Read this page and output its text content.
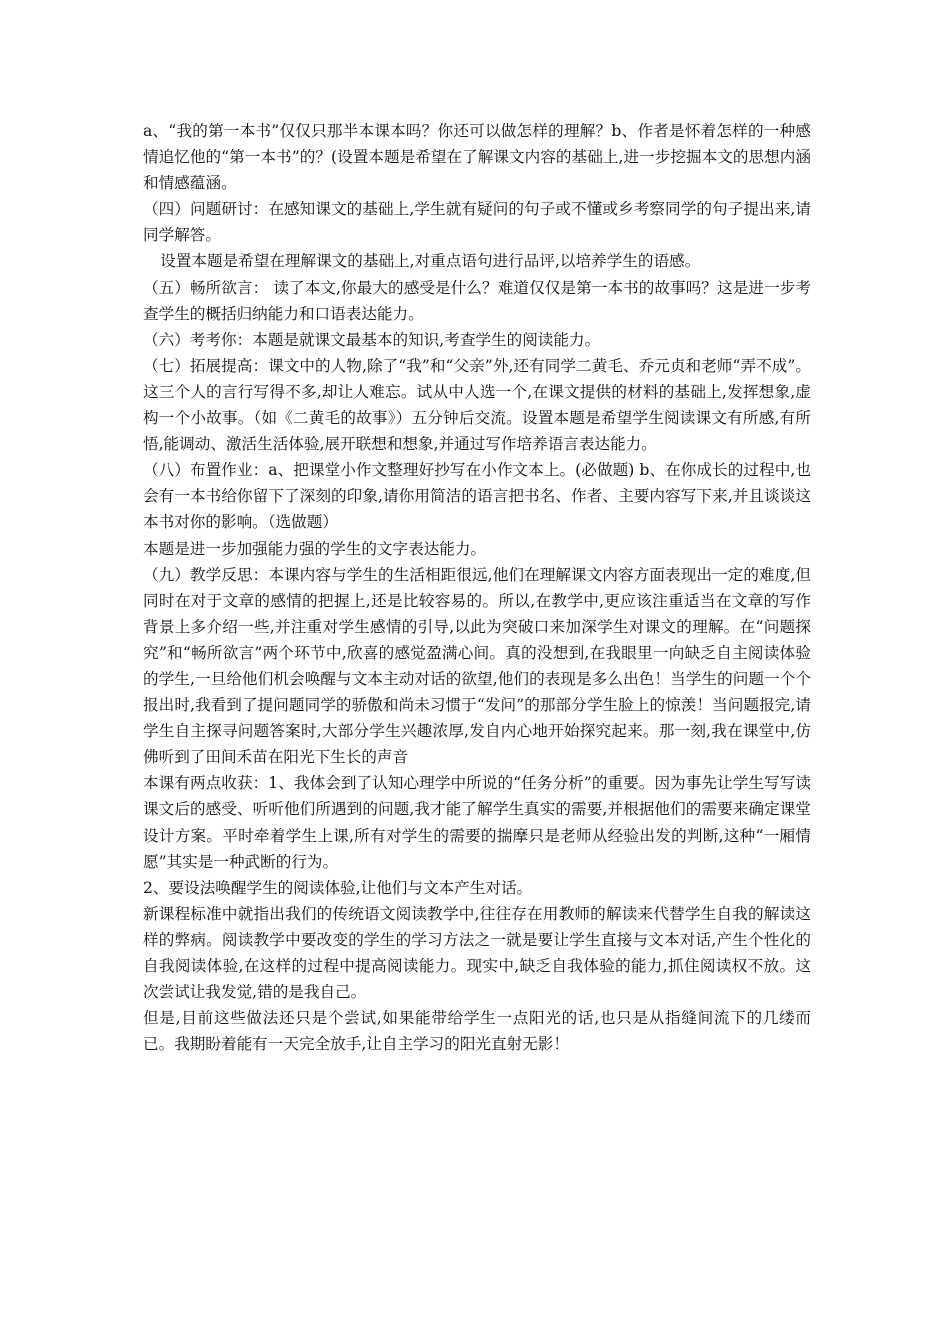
a、“我的第一本书”仅仅只那半本课本吗？你还可以做怎样的理解？b、作者是怀着怎样的一种感情追忆他的“第一本书”的？(设置本题是希望在了解课文内容的基础上,进一步挖掘本文的思想内涵和情感蕴涵。

（四）问题研讨：在感知课文的基础上,学生就有疑问的句子或不懂或乡考察同学的句子提出来,请同学解答。

设置本题是希望在理解课文的基础上,对重点语句进行品评,以培养学生的语感。

（五）畅所欲言： 读了本文,你最大的感受是什么？难道仅仅是第一本书的故事吗？这是进一步考查学生的概括归纳能力和口语表达能力。

（六）考考你：本题是就课文最基本的知识,考查学生的阅读能力。

（七）拓展提高：课文中的人物,除了“我”和“父亲”外,还有同学二黄毛、乔元贞和老师“弄不成”。这三个人的言行写得不多,却让人难忘。试从中人选一个,在课文提供的材料的基础上,发挥想象,虚构一个小故事。（如《二黄毛的故事》）五分钟后交流。设置本题是希望学生阅读课文有所感,有所悟,能调动、激活生活体验,展开联想和想象,并通过写作培养语言表达能力。

（八）布置作业：a、把课堂小作文整理好抄写在小作文本上。(必做题) b、在你成长的过程中,也会有一本书给你留下了深刻的印象,请你用简洁的语言把书名、作者、主要内容写下来,并且谈谈这本书对你的影响。（选做题）

本题是进一步加强能力强的学生的文字表达能力。

（九）教学反思：本课内容与学生的生活相距很远,他们在理解课文内容方面表现出一定的难度,但同时在对于文章的感情的把握上,还是比较容易的。所以,在教学中,更应该注重适当在文章的写作背景上多介绍一些,并注重对学生感情的引导,以此为突破口来加深学生对课文的理解。在“问题探究”和“畅所欲言”两个环节中,欣喜的感觉盈满心间。真的没想到,在我眼里一向缺乏自主阅读体验的学生,一旦给他们机会唤醒与文本主动对话的欲望,他们的表现是多么出色！当学生的问题一个个报出时,我看到了提问题同学的骄傲和尚未习惯于“发问”的那部分学生脸上的惊羡！当问题报完,请学生自主探寻问题答案时,大部分学生兴趣浓厚,发自内心地开始探究起来。那一刻,我在课堂中,仿佛听到了田间禾苗在阳光下生长的声音

本课有两点收获：1、我体会到了认知心理学中所说的“任务分析”的重要。因为事先让学生写写读课文后的感受、听听他们所遇到的问题,我才能了解学生真实的需要,并根据他们的需要来确定课堂设计方案。平时牵着学生上课,所有对学生的需要的揣摩只是老师从经验出发的判断,这种“一厢情愿”其实是一种武断的行为。

2、要设法唤醒学生的阅读体验,让他们与文本产生对话。

新课程标准中就指出我们的传统语文阅读教学中,往往存在用教师的解读来代替学生自我的解读这样的弊病。阅读教学中要改变的学生的学习方法之一就是要让学生直接与文本对话,产生个性化的自我阅读体验,在这样的过程中提高阅读能力。现实中,缺乏自我体验的能力,抓住阅读权不放。这次尝试让我发觉,错的是我自己。

但是,目前这些做法还只是个尝试,如果能带给学生一点阳光的话,也只是从指缝间流下的几缕而已。我期盼着能有一天完全放手,让自主学习的阳光直射无影！
